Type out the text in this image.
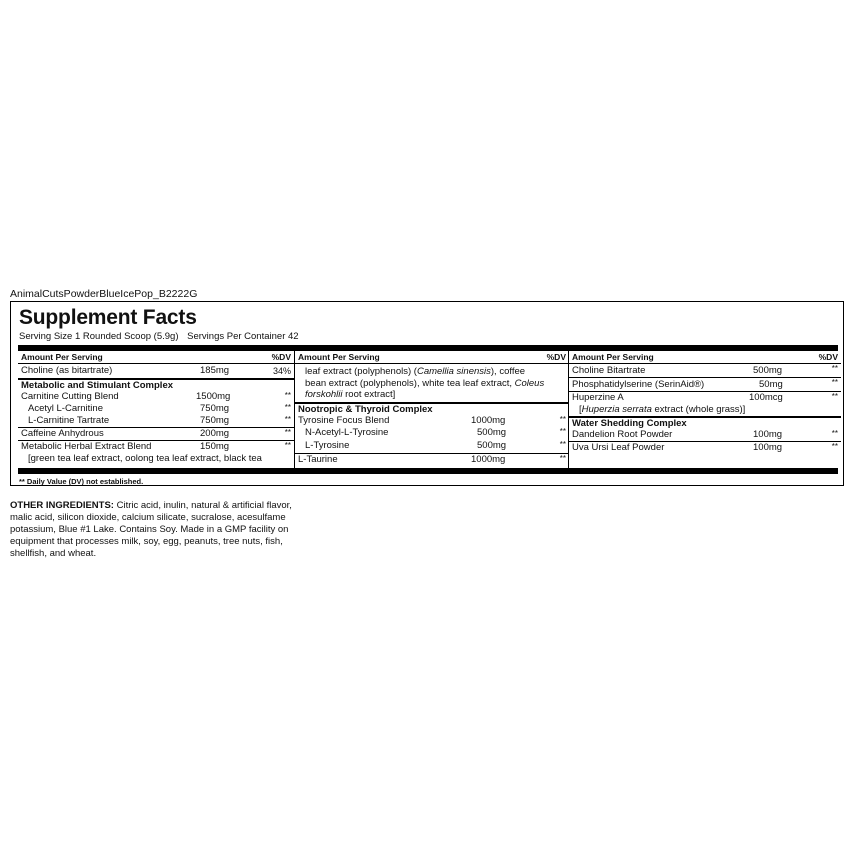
AnimalCutsPowderBlueIcePop_B2222G
Supplement Facts
Serving Size 1 Rounded Scoop (5.9g) Servings Per Container 42
Amount Per Serving	%DV
Choline (as bitartrate)	185mg	34%
Metabolic and Stimulant Complex
Carnitine Cutting Blend	1500mg	**
Acetyl L-Carnitine	750mg	**
L-Carnitine Tartrate	750mg	**
Caffeine Anhydrous	200mg	**
Metabolic Herbal Extract Blend	150mg	**
[green tea leaf extract, oolong tea leaf extract, black tea
Amount Per Serving	%DV
leaf extract (polyphenols) (Camellia sinensis), coffee
bean extract (polyphenols), white tea leaf extract, Coleus
forskohlii root extract]
Nootropic & Thyroid Complex
Tyrosine Focus Blend	1000mg	**
N-Acetyl-L-Tyrosine	500mg	**
L-Tyrosine	500mg	**
L-Taurine	1000mg	**
Amount Per Serving	%DV
Choline Bitartrate	500mg	**
Phosphatidylserine (SerinAid®)	50mg	**
Huperzine A	100mcg	**
[Huperzia serrata extract (whole grass)]
Water Shedding Complex
Dandelion Root Powder	100mg	**
Uva Ursi Leaf Powder	100mg	**
** Daily Value (DV) not established.
OTHER INGREDIENTS: Citric acid, inulin, natural & artificial flavor, malic acid, silicon dioxide, calcium silicate, sucralose, acesulfame potassium, Blue #1 Lake. Contains Soy. Made in a GMP facility on equipment that processes milk, soy, egg, peanuts, tree nuts, fish, shellfish, and wheat.
